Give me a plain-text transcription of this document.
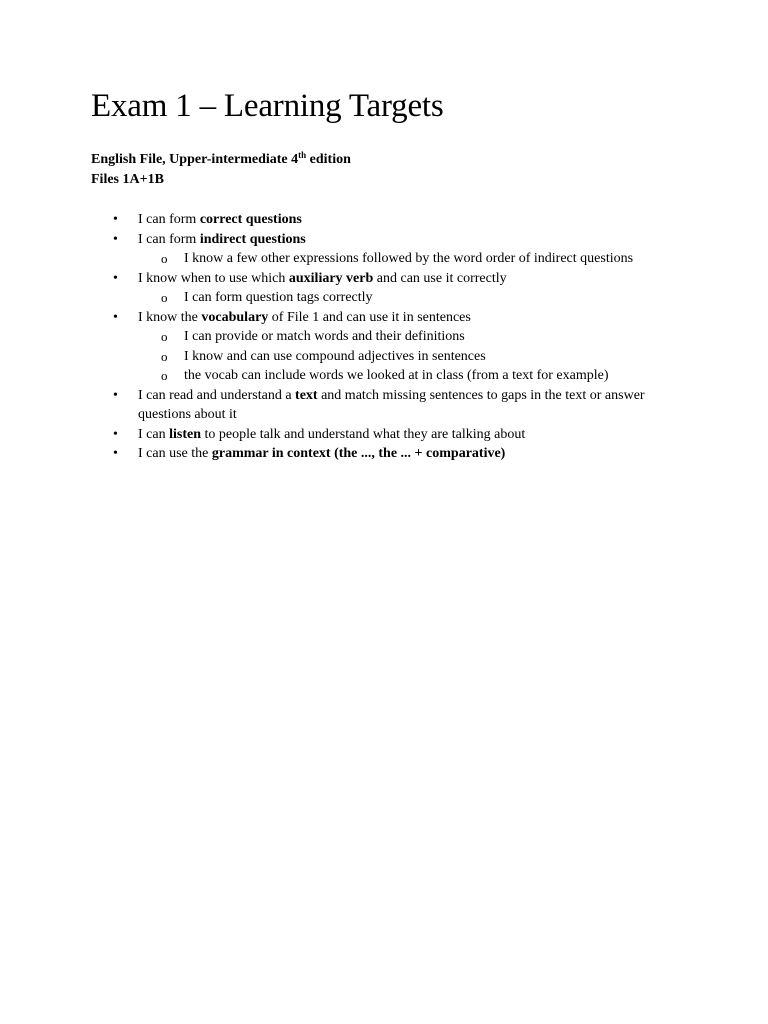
Exam 1 – Learning Targets
English File, Upper-intermediate 4th edition
Files 1A+1B
•
I can form correct questions
•
I can form indirect questions
o
I know a few other expressions followed by the word order of indirect questions
•
I know when to use which auxiliary verb and can use it correctly
o
I can form question tags correctly
•
I know the vocabulary of File 1 and can use it in sentences
o
I can provide or match words and their definitions
o
I know and can use compound adjectives in sentences
o
the vocab can include words we looked at in class (from a text for example)
•
I can read and understand a text and match missing sentences to gaps in the text or answer questions about it
•
I can listen to people talk and understand what they are talking about
•
I can use the grammar in context (the ..., the ... + comparative)
